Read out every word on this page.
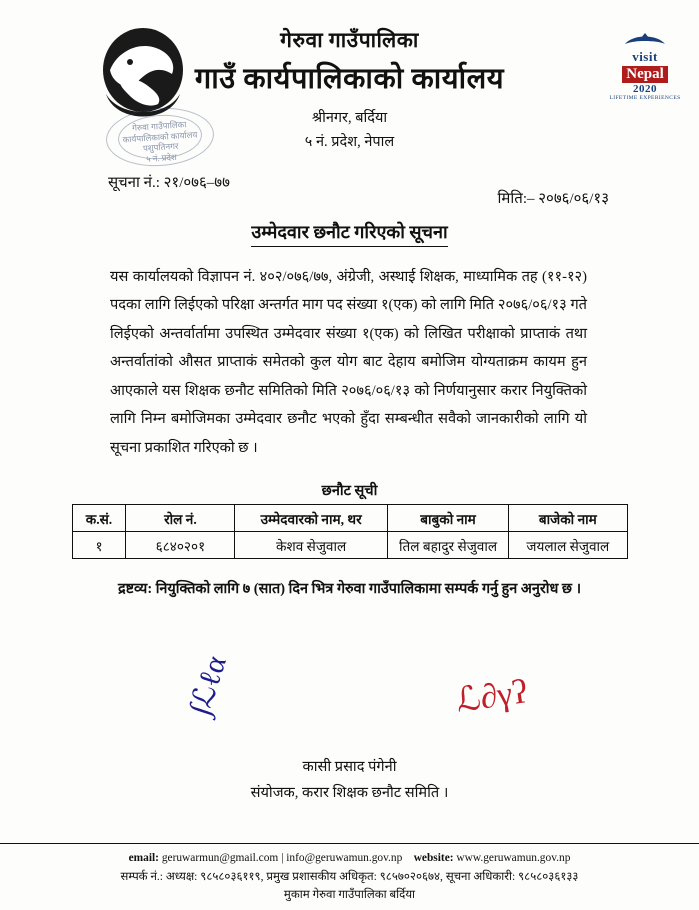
गेरुवा गाउँपालिका
कार्यपालिकाको कार्यालय
पशुपतिनगर
५ नं. प्रदेश
गेरुवा गाउँपालिका
गाउँ कार्यपालिकाको कार्यालय
श्रीनगर, बर्दिया
५ नं. प्रदेश, नेपाल
visit
Nepal
2020
LIFETIME EXPERIENCES
सूचना नं.: २१/०७६–७७
मिति:– २०७६/०६/१३
उम्मेदवार छनौट गरिएको सूचना
यस कार्यालयको विज्ञापन नं. ४०२/०७६/७७, अंग्रेजी, अस्थाई शिक्षक, माध्यामिक तह (११-१२) पदका लागि लिईएको परिक्षा अन्तर्गत माग पद संख्या १(एक) को लागि मिति २०७६/०६/१३ गते लिईएको अन्तर्वार्तामा उपस्थित उम्मेदवार संख्या १(एक) को लिखित परीक्षाको प्राप्ताकं तथा अन्तर्वातांको औसत प्राप्ताकं समेतको कुल योग बाट देहाय बमोजिम योग्यताक्रम कायम हुन आएकाले यस शिक्षक छनौट समितिको मिति २०७६/०६/१३ को निर्णयानुसार करार नियुक्तिको लागि निम्न बमोजिमका उम्मेदवार छनौट भएको हुँदा सम्बन्धीत सवैको जानकारीको लागि यो सूचना प्रकाशित गरिएको छ ।
छनौट सूची
क.सं.	रोल नं.	उम्मेदवारको नाम, थर	बाबुको नाम	बाजेको नाम
१	६८४०२०१	केशव सेजुवाल	तिल बहादुर सेजुवाल	जयलाल सेजुवाल
द्रष्टव्य: नियुक्तिको लागि ७ (सात) दिन भित्र गेरुवा गाउँपालिकामा सम्पर्क गर्नु हुन अनुरोध छ ।
∫ℒℓα	ℒ∂γʔ
कासी प्रसाद पंगेनी
संयोजक, करार शिक्षक छनौट समिति ।
email: geruwarmun@gmail.com | info@geruwamun.gov.np website: www.geruwamun.gov.np
सम्पर्क नं.: अध्यक्ष: ९८५८०३६११९, प्रमुख प्रशासकीय अधिकृत: ९८५७०२०६७४, सूचना अधिकारी: ९८५८०३६१३३
मुकाम गेरुवा गाउँपालिका बर्दिया
